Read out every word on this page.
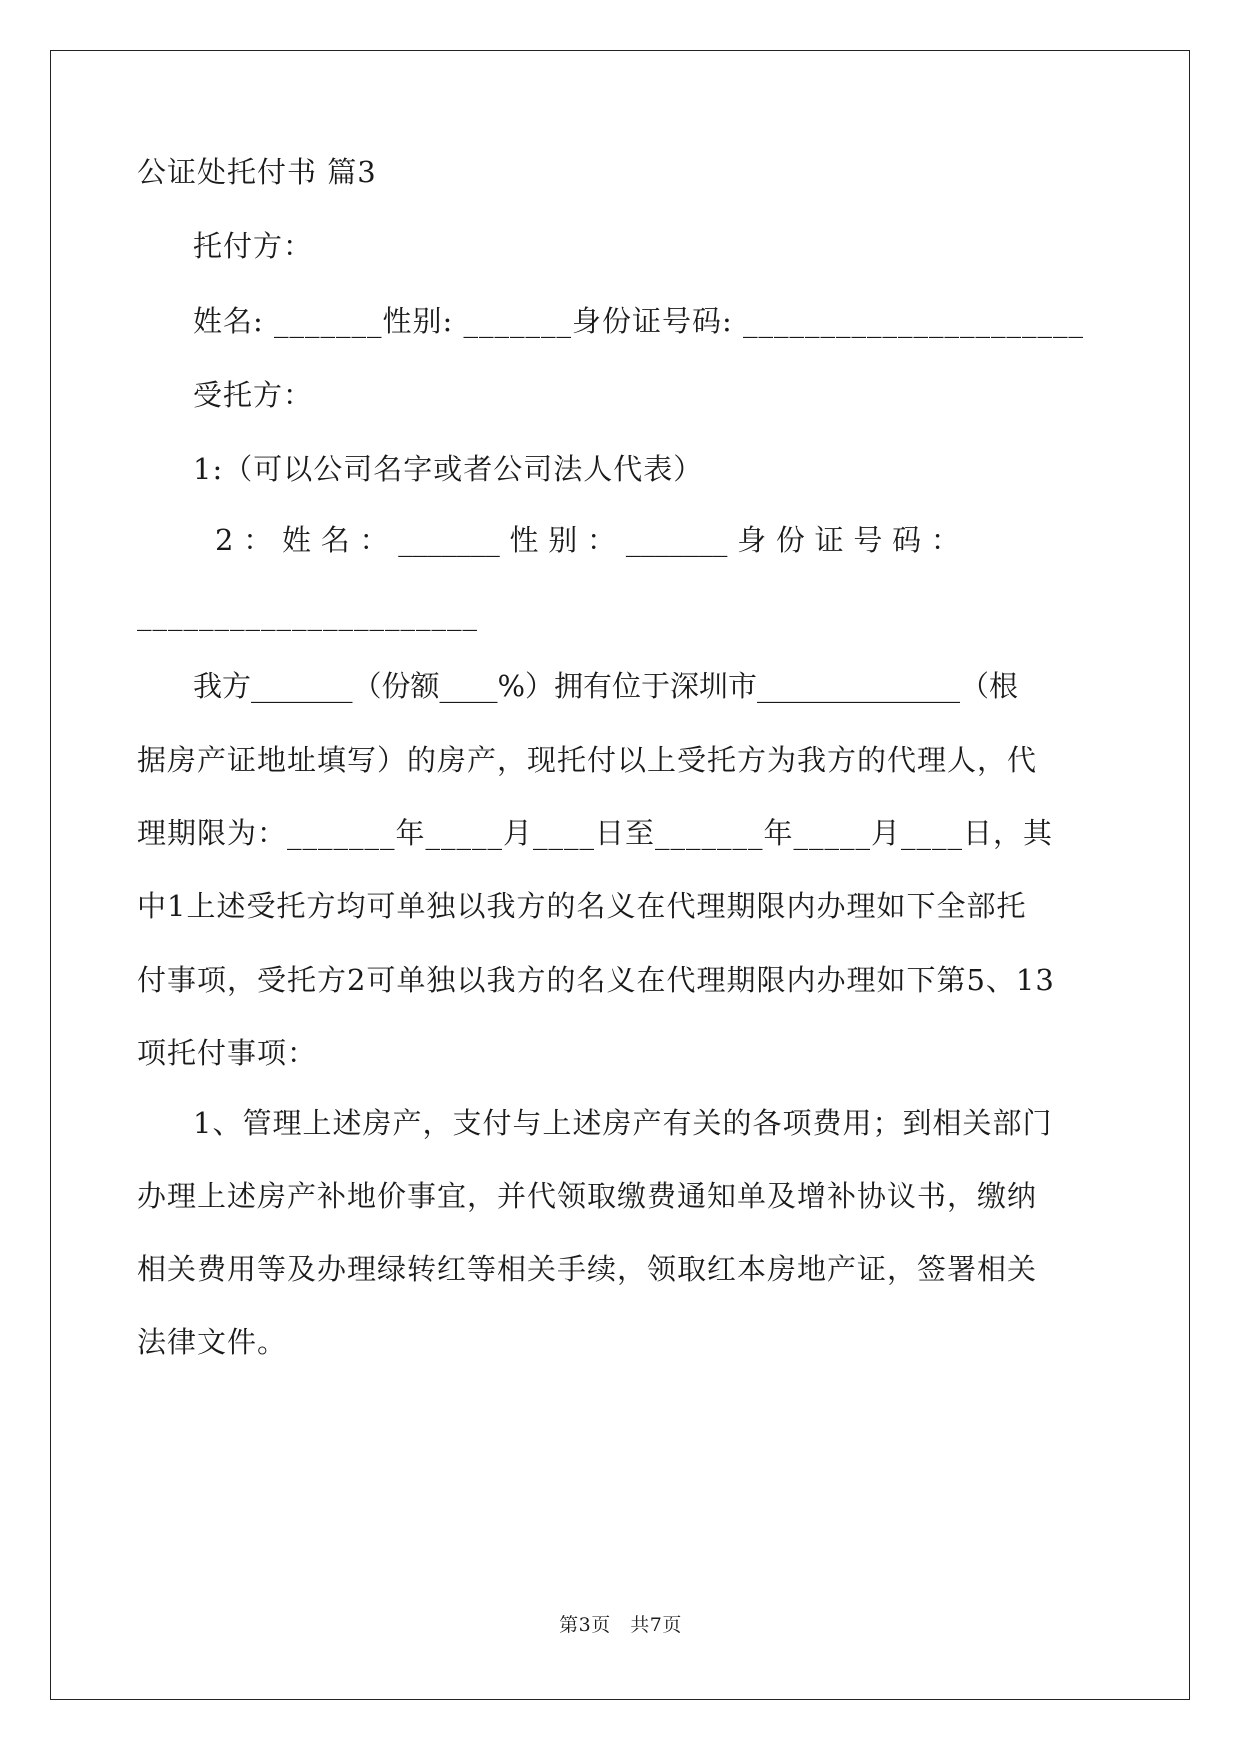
公证处托付书 篇3
托付方：
姓名: _______性别: _______身份证号码: ______________________
受托方：
1:（可以公司名字或者公司法人代表）
2 ： 姓 名 ： _______ 性 别 ： _______ 身 份 证 号 码 ：
______________________
我方_______（份额____%）拥有位于深圳市______________（根
据房产证地址填写）的房产，现托付以上受托方为我方的代理人，代
理期限为：_______年_____月____日至_______年_____月____日，其
中1上述受托方均可单独以我方的名义在代理期限内办理如下全部托
付事项，受托方2可单独以我方的名义在代理期限内办理如下第5、13
项托付事项：
1、管理上述房产，支付与上述房产有关的各项费用；到相关部门
办理上述房产补地价事宜，并代领取缴费通知单及增补协议书，缴纳
相关费用等及办理绿转红等相关手续，领取红本房地产证，签署相关
法律文件。
第3页　共7页
